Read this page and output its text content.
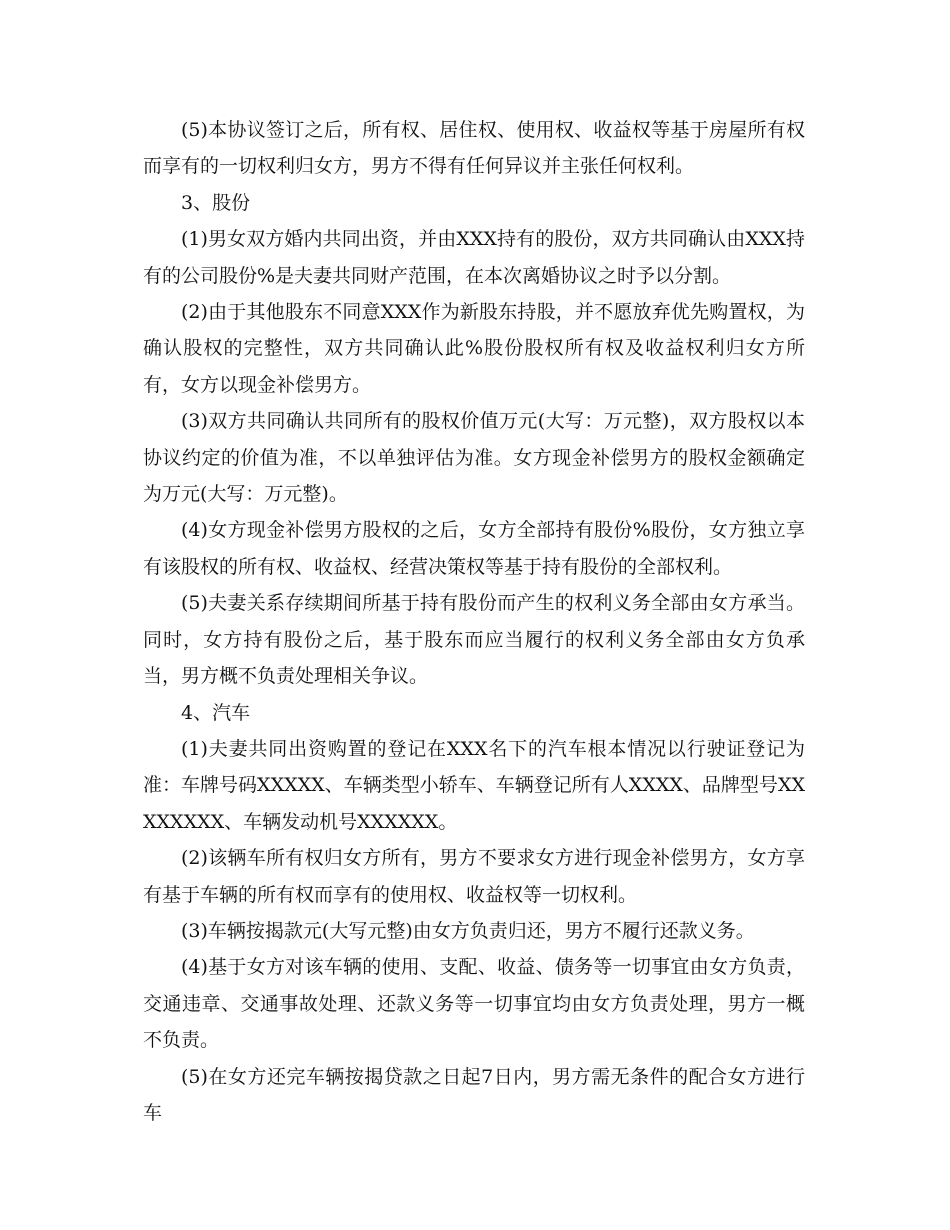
(5)本协议签订之后，所有权、居住权、使用权、收益权等基于房屋所有权而享有的一切权利归女方，男方不得有任何异议并主张任何权利。

3、股份

(1)男女双方婚内共同出资，并由XXX持有的股份，双方共同确认由XXX持有的公司股份%是夫妻共同财产范围，在本次离婚协议之时予以分割。

(2)由于其他股东不同意XXX作为新股东持股，并不愿放弃优先购置权，为确认股权的完整性，双方共同确认此%股份股权所有权及收益权利归女方所有，女方以现金补偿男方。

(3)双方共同确认共同所有的股权价值万元(大写：万元整)，双方股权以本协议约定的价值为准，不以单独评估为准。女方现金补偿男方的股权金额确定为万元(大写：万元整)。

(4)女方现金补偿男方股权的之后，女方全部持有股份%股份，女方独立享有该股权的所有权、收益权、经营决策权等基于持有股份的全部权利。

(5)夫妻关系存续期间所基于持有股份而产生的权利义务全部由女方承当。同时，女方持有股份之后，基于股东而应当履行的权利义务全部由女方负承当，男方概不负责处理相关争议。

4、汽车

(1)夫妻共同出资购置的登记在XXX名下的汽车根本情况以行驶证登记为准：车牌号码XXXXX、车辆类型小轿车、车辆登记所有人XXXX、品牌型号XXXXXXXX、车辆发动机号XXXXXX。

(2)该辆车所有权归女方所有，男方不要求女方进行现金补偿男方，女方享有基于车辆的所有权而享有的使用权、收益权等一切权利。

(3)车辆按揭款元(大写元整)由女方负责归还，男方不履行还款义务。

(4)基于女方对该车辆的使用、支配、收益、债务等一切事宜由女方负责，交通违章、交通事故处理、还款义务等一切事宜均由女方负责处理，男方一概不负责。

(5)在女方还完车辆按揭贷款之日起7日内，男方需无条件的配合女方进行车
